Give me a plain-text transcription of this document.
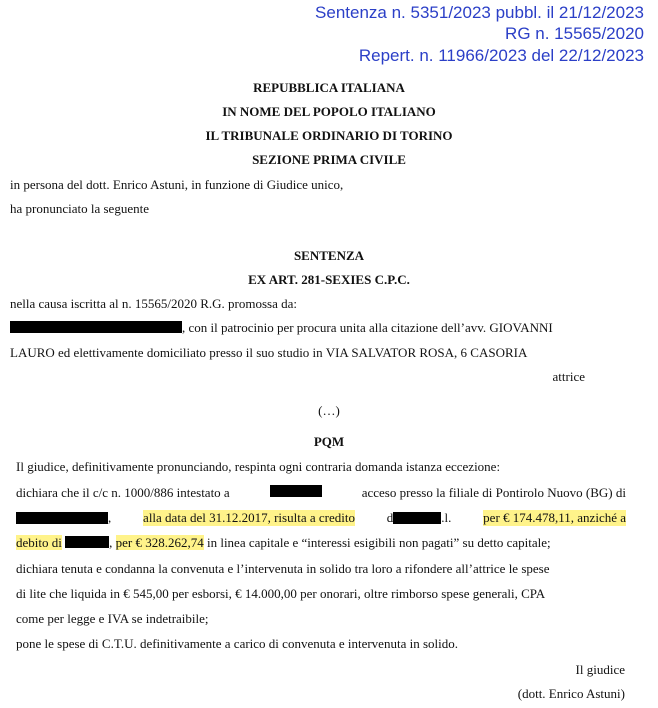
Sentenza n. 5351/2023 pubbl. il 21/12/2023
RG n. 15565/2020
Repert. n. 11966/2023 del 22/12/2023
REPUBBLICA ITALIANA
IN NOME DEL POPOLO ITALIANO
IL TRIBUNALE ORDINARIO DI TORINO
SEZIONE PRIMA CIVILE
in persona del dott. Enrico Astuni, in funzione di Giudice unico,
ha pronunciato la seguente
SENTENZA
EX ART. 281-SEXIES C.P.C.
nella causa iscritta al n. 15565/2020 R.G. promossa da:
, con il patrocinio per procura unita alla citazione dell’avv. GIOVANNI
LAURO ed elettivamente domiciliato presso il suo studio in VIA SALVATOR ROSA, 6 CASORIA
attrice
(…)
PQM
Il giudice, definitivamente pronunciando, respinta ogni contraria domanda istanza eccezione:
dichiara che il c/c n. 1000/886 intestato a	acceso presso la filiale di Pontirolo Nuovo (BG) di
, alla data del 31.12.2017, risulta a credito d	.l. per € 174.478,11, anziché a
debito di	, per € 328.262,74 in linea capitale e “interessi esigibili non pagati” su detto capitale;
dichiara tenuta e condanna la convenuta e l’intervenuta in solido tra loro a rifondere all’attrice le spese
di lite che liquida in € 545,00 per esborsi, € 14.000,00 per onorari, oltre rimborso spese generali, CPA
come per legge e IVA se indetraibile;
pone le spese di C.T.U. definitivamente a carico di convenuta e intervenuta in solido.
Il giudice
(dott. Enrico Astuni)
